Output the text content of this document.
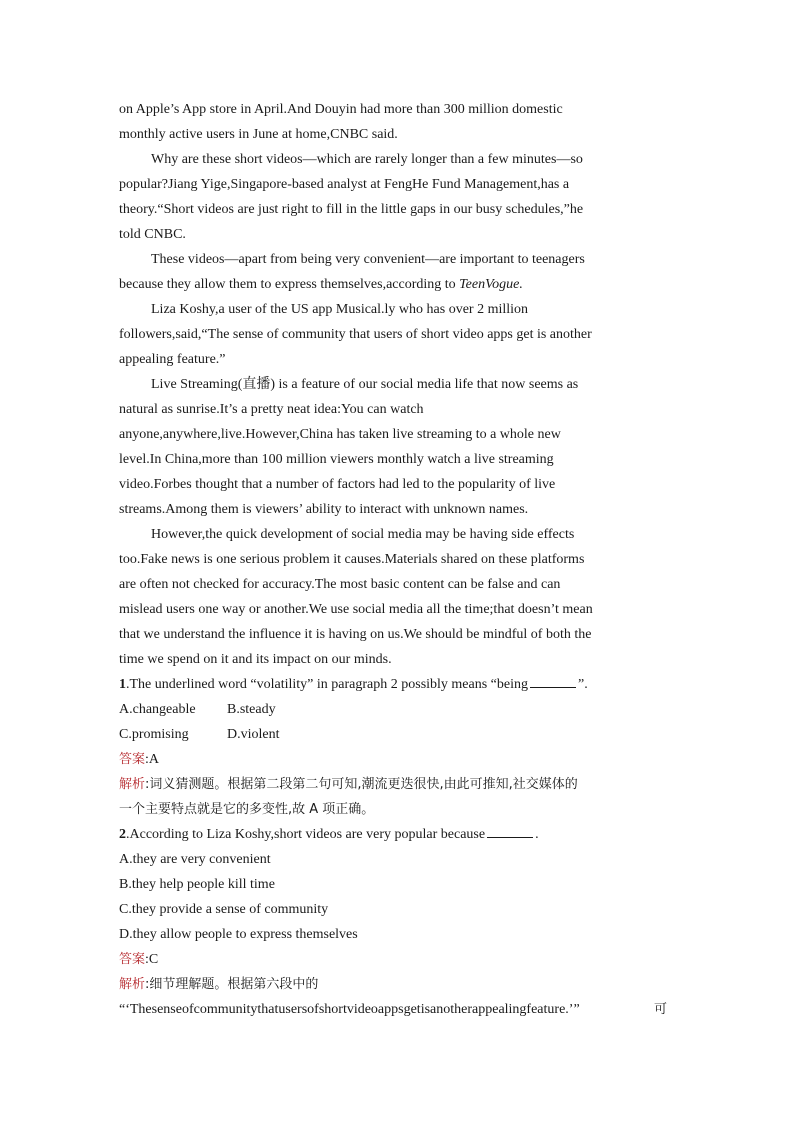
on Apple’s App store in April.And Douyin had more than 300 million domestic
monthly active users in June at home,CNBC said.
Why are these short videos—which are rarely longer than a few minutes—so
popular?Jiang Yige,Singapore-based analyst at FengHe Fund Management,has a
theory.“Short videos are just right to fill in the little gaps in our busy schedules,”he
told CNBC.
These videos—apart from being very convenient—are important to teenagers
because they allow them to express themselves,according to TeenVogue.
Liza Koshy,a user of the US app Musical.ly who has over 2 million
followers,said,“The sense of community that users of short video apps get is another
appealing feature.”
Live Streaming(直播) is a feature of our social media life that now seems as
natural as sunrise.It’s a pretty neat idea:You can watch
anyone,anywhere,live.However,China has taken live streaming to a whole new
level.In China,more than 100 million viewers monthly watch a live streaming
video.Forbes thought that a number of factors had led to the popularity of live
streams.Among them is viewers’ ability to interact with unknown names.
However,the quick development of social media may be having side effects
too.Fake news is one serious problem it causes.Materials shared on these platforms
are often not checked for accuracy.The most basic content can be false and can
mislead users one way or another.We use social media all the time;that doesn’t mean
that we understand the influence it is having on us.We should be mindful of both the
time we spend on it and its impact on our minds.
1.The underlined word “volatility” in paragraph 2 possibly means “being	”.
A.changeable	B.steady
C.promising	D.violent
答案:A
解析:词义猜测题。根据第二段第二句可知,潮流更迭很快,由此可推知,社交媒体的
一个主要特点就是它的多变性,故 A 项正确。
2.According to Liza Koshy,short videos are very popular because	.
A.they are very convenient
B.they help people kill time
C.they provide a sense of community
D.they allow people to express themselves
答案:C
解析:细节理解题。根据第六段中的
“‘Thesenseofcommunitythatusersofshortvideoappsgetisanotherappealingfeature.’”	可
